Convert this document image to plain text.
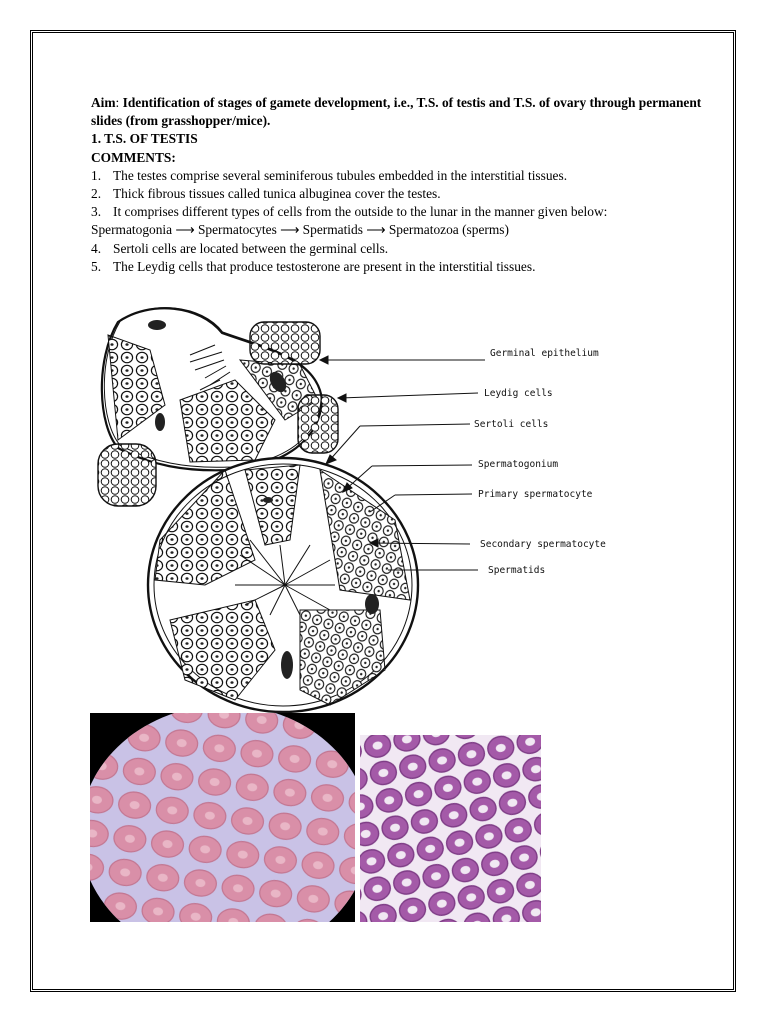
Aim: Identification of stages of gamete development, i.e., T.S. of testis and T.S. of ovary through permanent slides (from grasshopper/mice).

1. T.S. OF TESTIS

COMMENTS:

1. The testes comprise several seminiferous tubules embedded in the interstitial tissues.
2. Thick fibrous tissues called tunica albuginea cover the testes.
3. It comprises different types of cells from the outside to the lunar in the manner given below:

Spermatogonia ⟶ Spermatocytes ⟶ Spermatids ⟶ Spermatozoa (sperms)

4. Sertoli cells are located between the germinal cells.
5. The Leydig cells that produce testosterone are present in the interstitial tissues.
Germinal epithelium
Leydig cells
Sertoli cells
Spermatogonium
Primary spermatocyte
Secondary spermatocyte
Spermatids
